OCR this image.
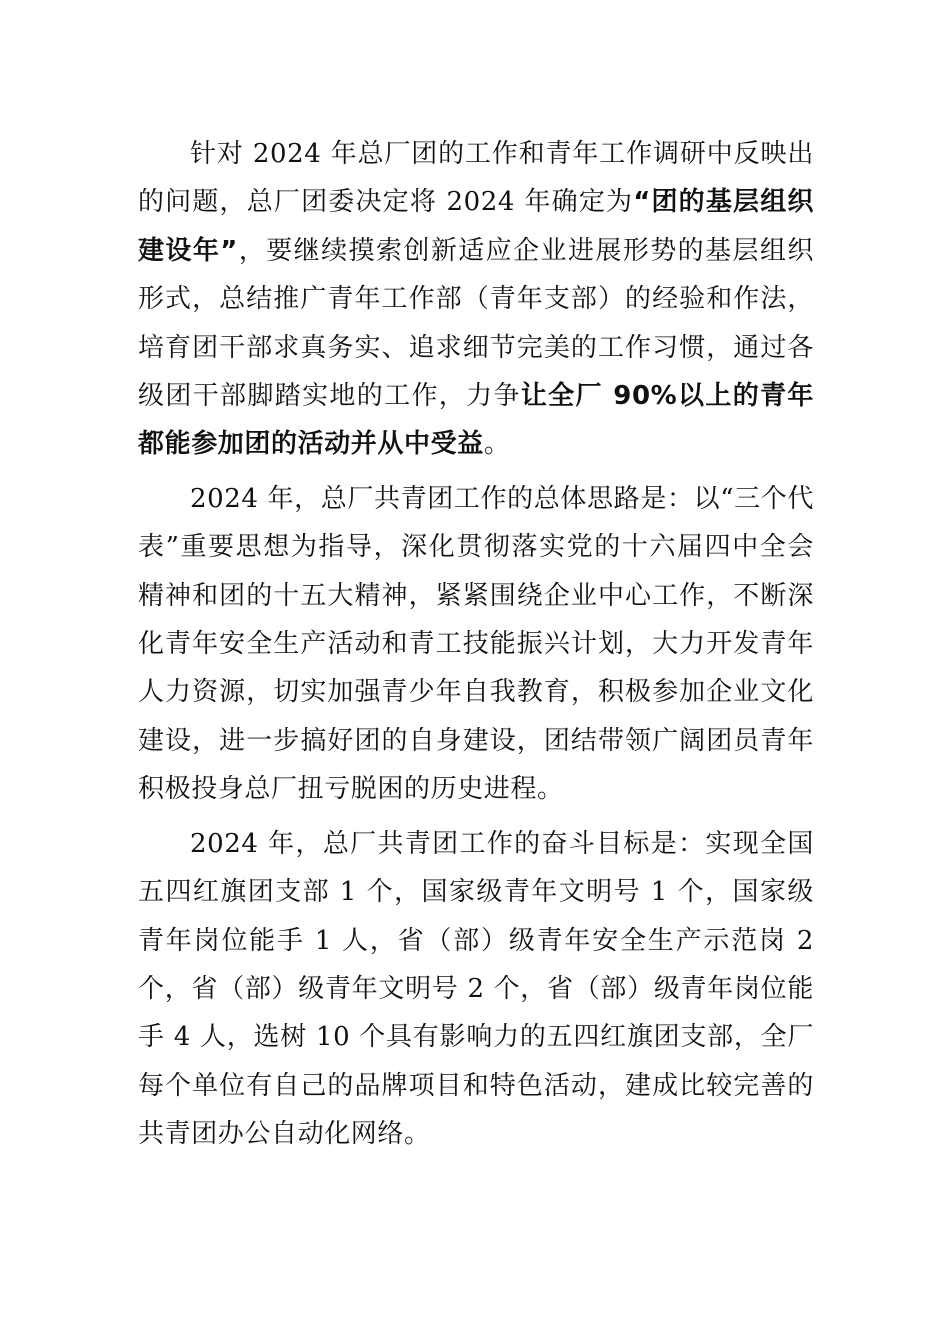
针对 2024 年总厂团的工作和青年工作调研中反映出的问题，总厂团委决定将 2024 年确定为“团的基层组织建设年”，要继续摸索创新适应企业进展形势的基层组织形式，总结推广青年工作部（青年支部）的经验和作法，培育团干部求真务实、追求细节完美的工作习惯，通过各级团干部脚踏实地的工作，力争让全厂 90%以上的青年都能参加团的活动并从中受益。

2024 年，总厂共青团工作的总体思路是：以“三个代表”重要思想为指导，深化贯彻落实党的十六届四中全会精神和团的十五大精神，紧紧围绕企业中心工作，不断深化青年安全生产活动和青工技能振兴计划，大力开发青年人力资源，切实加强青少年自我教育，积极参加企业文化建设，进一步搞好团的自身建设，团结带领广阔团员青年积极投身总厂扭亏脱困的历史进程。

2024 年，总厂共青团工作的奋斗目标是：实现全国五四红旗团支部 1 个，国家级青年文明号 1 个，国家级青年岗位能手 1 人，省（部）级青年安全生产示范岗 2 个，省（部）级青年文明号 2 个，省（部）级青年岗位能手 4 人，选树 10 个具有影响力的五四红旗团支部，全厂每个单位有自己的品牌项目和特色活动，建成比较完善的共青团办公自动化网络。
